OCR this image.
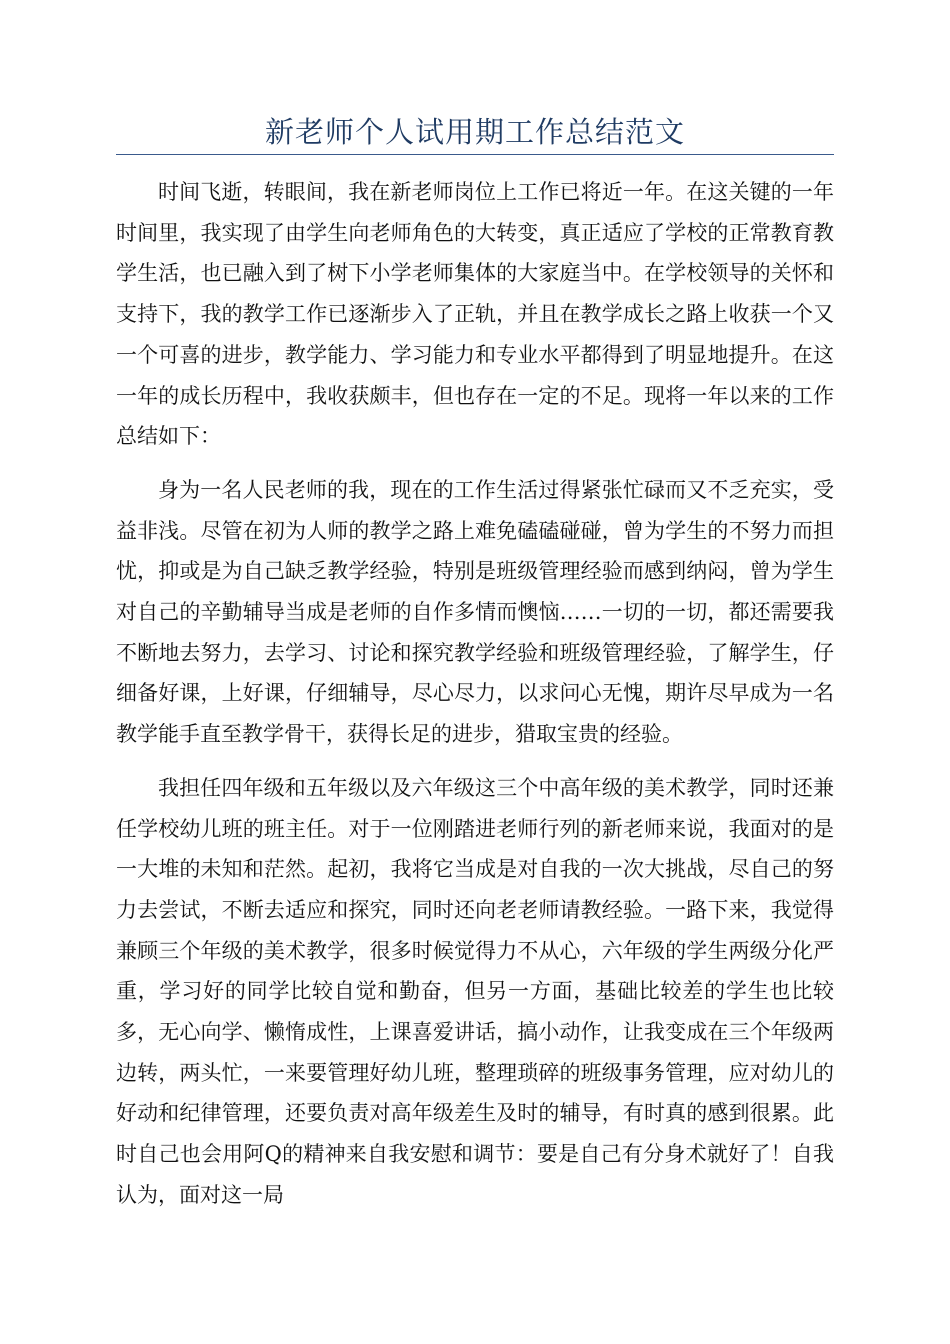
新老师个人试用期工作总结范文

时间飞逝，转眼间，我在新老师岗位上工作已将近一年。在这关键的一年时间里，我实现了由学生向老师角色的大转变，真正适应了学校的正常教育教学生活，也已融入到了树下小学老师集体的大家庭当中。在学校领导的关怀和支持下，我的教学工作已逐渐步入了正轨，并且在教学成长之路上收获一个又一个可喜的进步，教学能力、学习能力和专业水平都得到了明显地提升。在这一年的成长历程中，我收获颇丰，但也存在一定的不足。现将一年以来的工作总结如下：

身为一名人民老师的我，现在的工作生活过得紧张忙碌而又不乏充实，受益非浅。尽管在初为人师的教学之路上难免磕磕碰碰，曾为学生的不努力而担忧，抑或是为自己缺乏教学经验，特别是班级管理经验而感到纳闷，曾为学生对自己的辛勤辅导当成是老师的自作多情而懊恼……一切的一切，都还需要我不断地去努力，去学习、讨论和探究教学经验和班级管理经验，了解学生，仔细备好课，上好课，仔细辅导，尽心尽力，以求问心无愧，期许尽早成为一名教学能手直至教学骨干，获得长足的进步，猎取宝贵的经验。

我担任四年级和五年级以及六年级这三个中高年级的美术教学，同时还兼任学校幼儿班的班主任。对于一位刚踏进老师行列的新老师来说，我面对的是一大堆的未知和茫然。起初，我将它当成是对自我的一次大挑战，尽自己的努力去尝试，不断去适应和探究，同时还向老老师请教经验。一路下来，我觉得兼顾三个年级的美术教学，很多时候觉得力不从心，六年级的学生两级分化严重，学习好的同学比较自觉和勤奋，但另一方面，基础比较差的学生也比较多，无心向学、懒惰成性，上课喜爱讲话，搞小动作，让我变成在三个年级两边转，两头忙，一来要管理好幼儿班，整理琐碎的班级事务管理，应对幼儿的好动和纪律管理，还要负责对高年级差生及时的辅导，有时真的感到很累。此时自己也会用阿Q的精神来自我安慰和调节：要是自己有分身术就好了！自我认为，面对这一局
